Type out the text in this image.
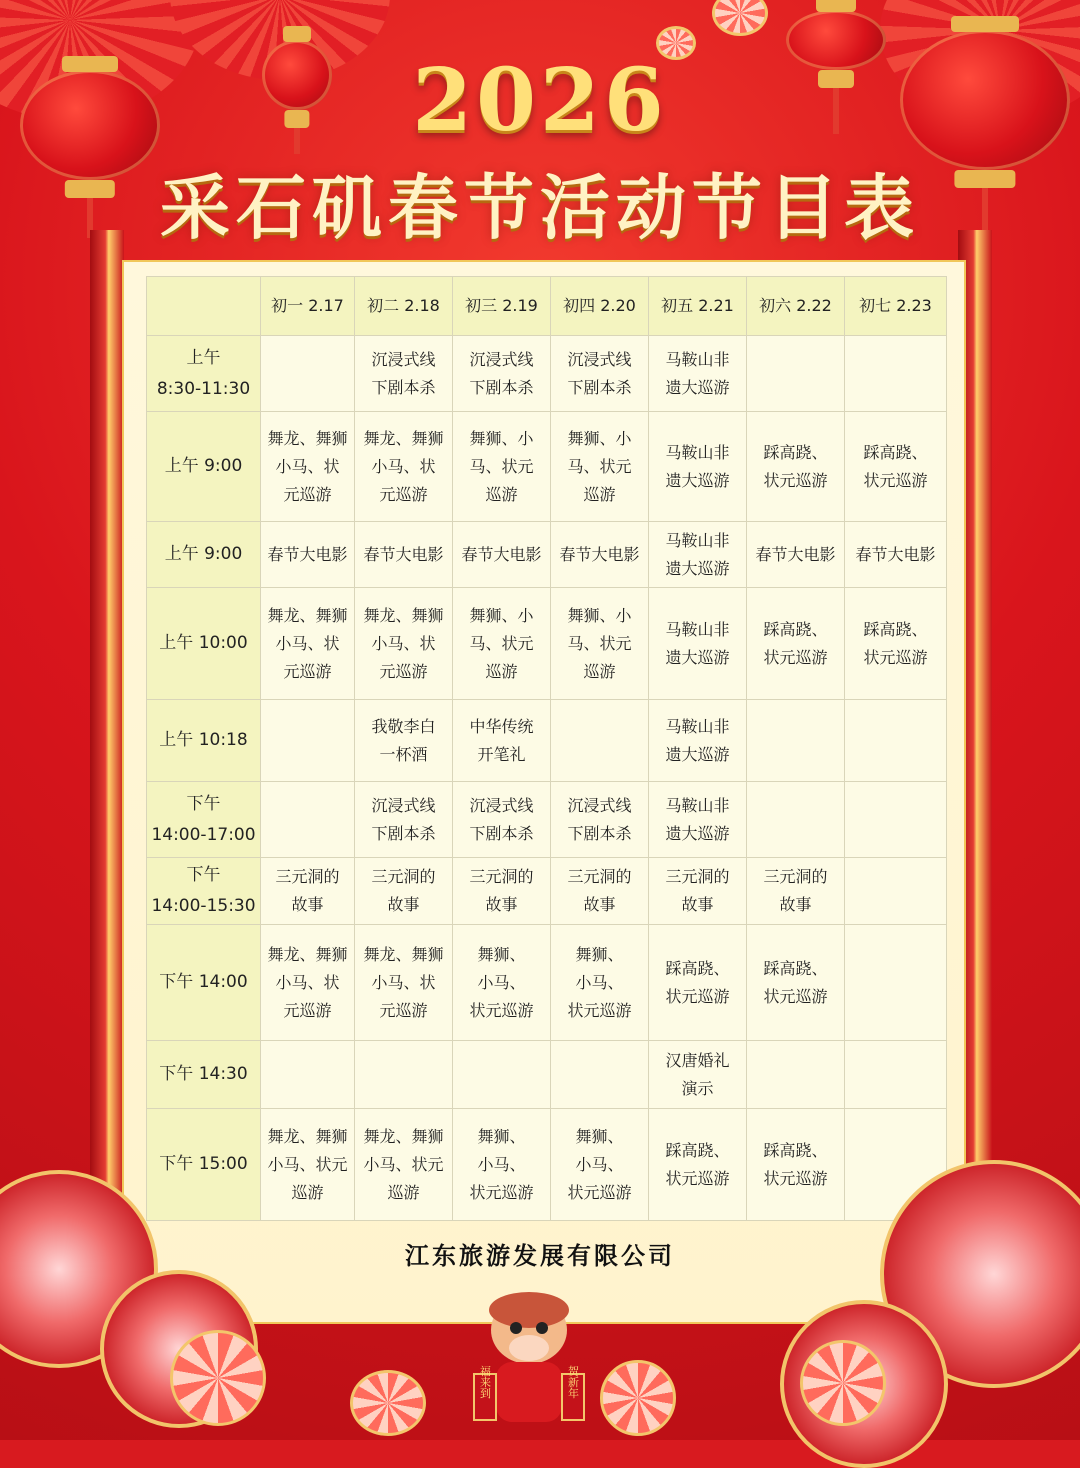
2026
采石矶春节活动节目表
	初一 2.17	初二 2.18	初三 2.19	初四 2.20	初五 2.21	初六 2.22	初七 2.23

上午
8:30-11:30		沉浸式线
下剧本杀	沉浸式线
下剧本杀	沉浸式线
下剧本杀	马鞍山非
遗大巡游		

上午 9:00	舞龙、舞狮
小马、状
元巡游	舞龙、舞狮
小马、状
元巡游	舞狮、小
马、状元
巡游	舞狮、小
马、状元
巡游	马鞍山非
遗大巡游	踩高跷、
状元巡游	踩高跷、
状元巡游

上午 9:00	春节大电影	春节大电影	春节大电影	春节大电影	马鞍山非
遗大巡游	春节大电影	春节大电影

上午 10:00	舞龙、舞狮
小马、状
元巡游	舞龙、舞狮
小马、状
元巡游	舞狮、小
马、状元
巡游	舞狮、小
马、状元
巡游	马鞍山非
遗大巡游	踩高跷、
状元巡游	踩高跷、
状元巡游

上午 10:18		我敬李白
一杯酒	中华传统
开笔礼		马鞍山非
遗大巡游		

下午
14:00-17:00		沉浸式线
下剧本杀	沉浸式线
下剧本杀	沉浸式线
下剧本杀	马鞍山非
遗大巡游		

下午
14:00-15:30	三元洞的
故事	三元洞的
故事	三元洞的
故事	三元洞的
故事	三元洞的
故事	三元洞的
故事	

下午 14:00	舞龙、舞狮
小马、状
元巡游	舞龙、舞狮
小马、状
元巡游	舞狮、
小马、
状元巡游	舞狮、
小马、
状元巡游	踩高跷、
状元巡游	踩高跷、
状元巡游	

下午 14:30					汉唐婚礼
演示		

下午 15:00	舞龙、舞狮
小马、状元
巡游	舞龙、舞狮
小马、状元
巡游	舞狮、
小马、
状元巡游	舞狮、
小马、
状元巡游	踩高跷、
状元巡游	踩高跷、
状元巡游	

江东旅游发展有限公司
福来到	贺新年
